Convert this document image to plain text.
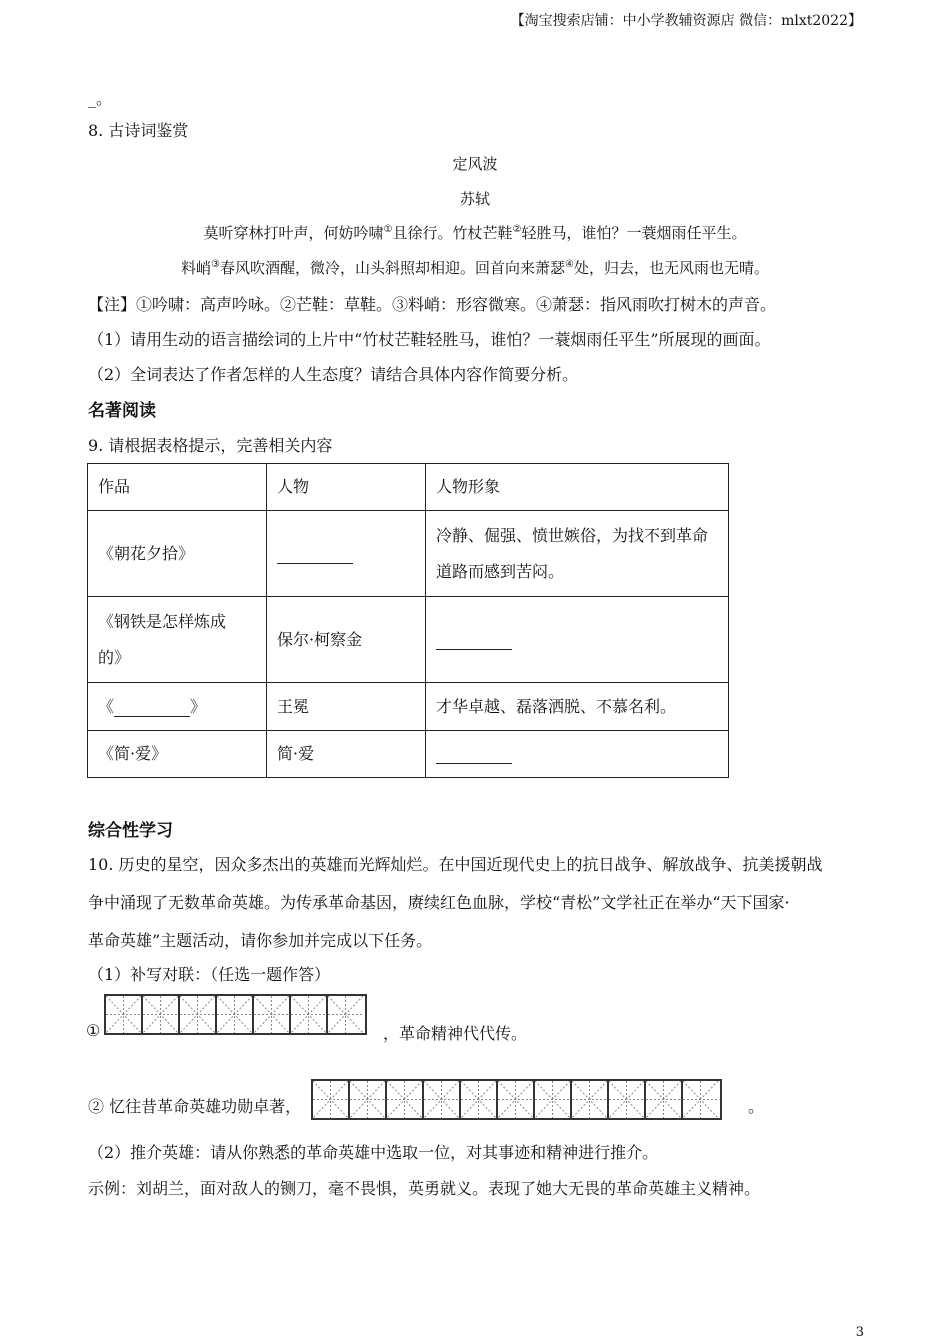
【淘宝搜索店铺：中小学教辅资源店 微信：mlxt2022】
_。
8. 古诗词鉴赏
定风波
苏轼
莫听穿林打叶声，何妨吟啸①且徐行。竹杖芒鞋②轻胜马，谁怕？一蓑烟雨任平生。
料峭③春风吹酒醒，微冷，山头斜照却相迎。回首向来萧瑟④处，归去，也无风雨也无晴。
【注】①吟啸：高声吟咏。②芒鞋：草鞋。③料峭：形容微寒。④萧瑟：指风雨吹打树木的声音。
（1）请用生动的语言描绘词的上片中“竹杖芒鞋轻胜马，谁怕？一蓑烟雨任平生”所展现的画面。
（2）全词表达了作者怎样的人生态度？请结合具体内容作简要分析。
名著阅读
9. 请根据表格提示，完善相关内容
作品	人物	人物形象
《朝花夕拾》		冷静、倔强、愤世嫉俗，为找不到革命
道路而感到苦闷。

《钢铁是怎样炼成
的》	保尔·柯察金	
《 》	王冕	才华卓越、磊落洒脱、不慕名利。
《简·爱》	简·爱	
综合性学习
10. 历史的星空，因众多杰出的英雄而光辉灿烂。在中国近现代史上的抗日战争、解放战争、抗美援朝战
争中涌现了无数革命英雄。为传承革命基因，赓续红色血脉，学校“青松”文学社正在举办“天下国家·
革命英雄”主题活动，请你参加并完成以下任务。
（1）补写对联：（任选一题作答）
①	，革命精神代代传。
② 忆往昔革命英雄功勋卓著，	。
（2）推介英雄：请从你熟悉的革命英雄中选取一位，对其事迹和精神进行推介。
示例：刘胡兰，面对敌人的铡刀，毫不畏惧，英勇就义。表现了她大无畏的革命英雄主义精神。
3
